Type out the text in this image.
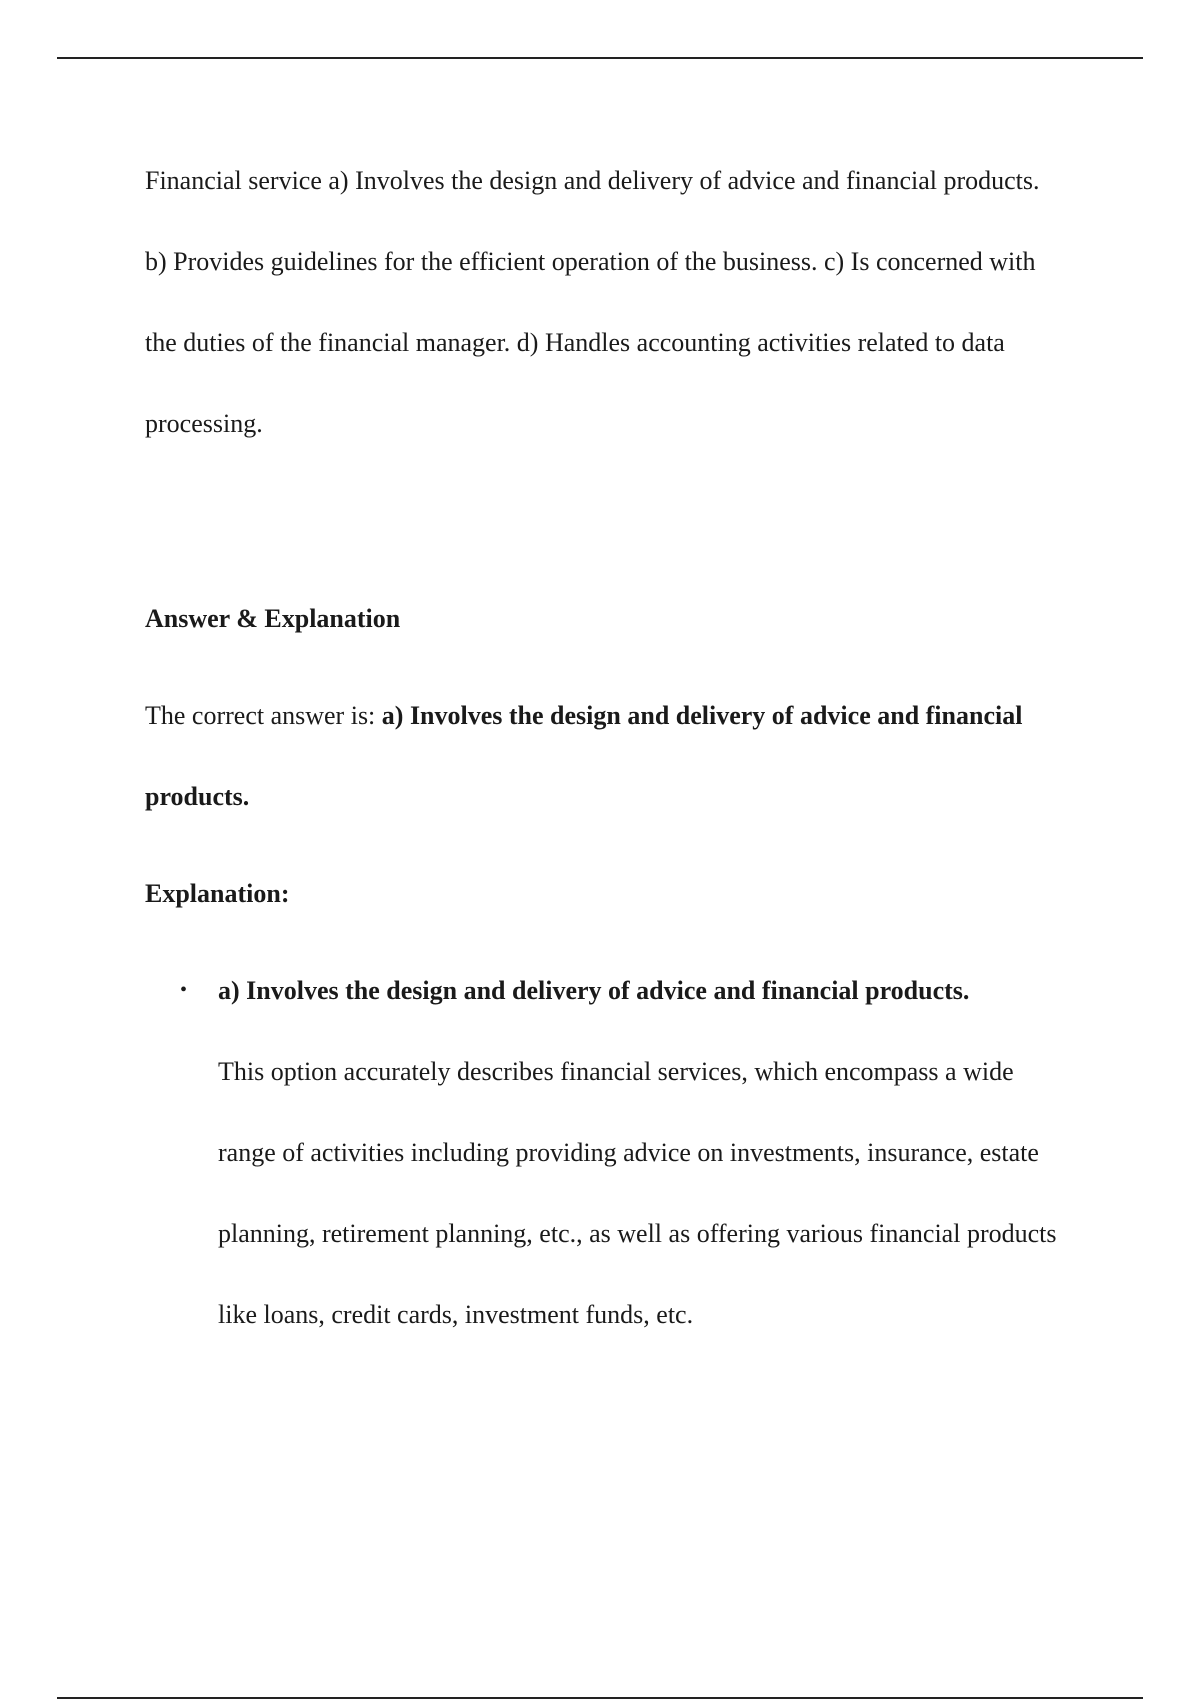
Financial service a) Involves the design and delivery of advice and financial products. b) Provides guidelines for the efficient operation of the business. c) Is concerned with the duties of the financial manager. d) Handles accounting activities related to data processing.

Answer & Explanation

The correct answer is: a) Involves the design and delivery of advice and financial products.

Explanation:

• a) Involves the design and delivery of advice and financial products.
This option accurately describes financial services, which encompass a wide range of activities including providing advice on investments, insurance, estate planning, retirement planning, etc., as well as offering various financial products like loans, credit cards, investment funds, etc.
